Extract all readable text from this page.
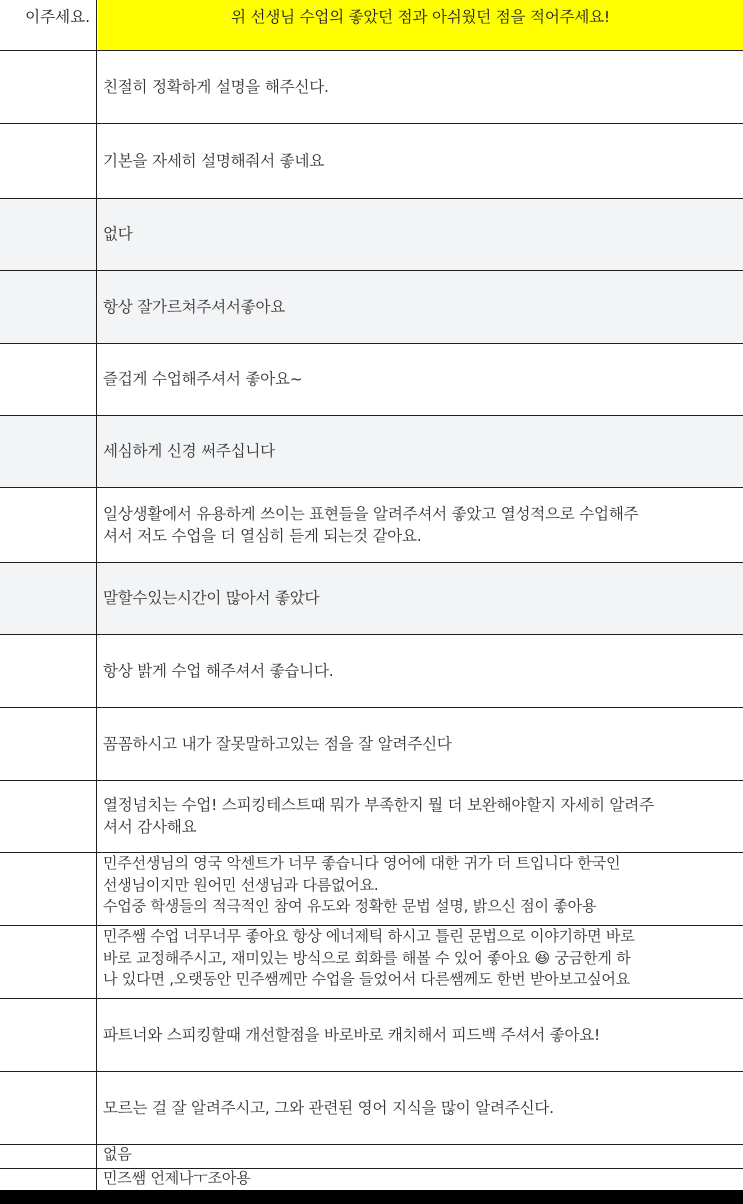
이주세요.	위 선생님 수업의 좋았던 점과 아쉬웠던 점을 적어주세요!
친절히 정확하게 설명을 해주신다.
기본을 자세히 설명해줘서 좋네요
없다
항상 잘가르쳐주셔서좋아요
즐겁게 수업해주셔서 좋아요~
세심하게 신경 써주십니다
일상생활에서 유용하게 쓰이는 표현들을 알려주셔서 좋았고 열성적으로 수업해주
셔서 저도 수업을 더 열심히 듣게 되는것 같아요.
말할수있는시간이 많아서 좋았다
항상 밝게 수업 해주셔서 좋습니다.
꼼꼼하시고 내가 잘못말하고있는 점을 잘 알려주신다
열정넘치는 수업! 스피킹테스트때 뭐가 부족한지 뭘 더 보완해야할지 자세히 알려주
셔서 감사해요
민주선생님의 영국 악센트가 너무 좋습니다 영어에 대한 귀가 더 트입니다 한국인
선생님이지만 원어민 선생님과 다름없어요.
수업중 학생들의 적극적인 참여 유도와 정확한 문법 설명, 밝으신 점이 좋아용
민주쌤 수업 너무너무 좋아요 항상 에너제틱 하시고 틀린 문법으로 이야기하면 바로
바로 교정해주시고, 재미있는 방식으로 회화를 해볼 수 있어 좋아요 😆 궁금한게 하
나 있다면 ,오랫동안 민주쌤께만 수업을 들었어서 다른쌤께도 한번 받아보고싶어요
파트너와 스피킹할때 개선할점을 바로바로 캐치해서 피드백 주셔서 좋아요!
모르는 걸 잘 알려주시고, 그와 관련된 영어 지식을 많이 알려주신다.
없음
민즈쌤 언제나ㅜ조아용
